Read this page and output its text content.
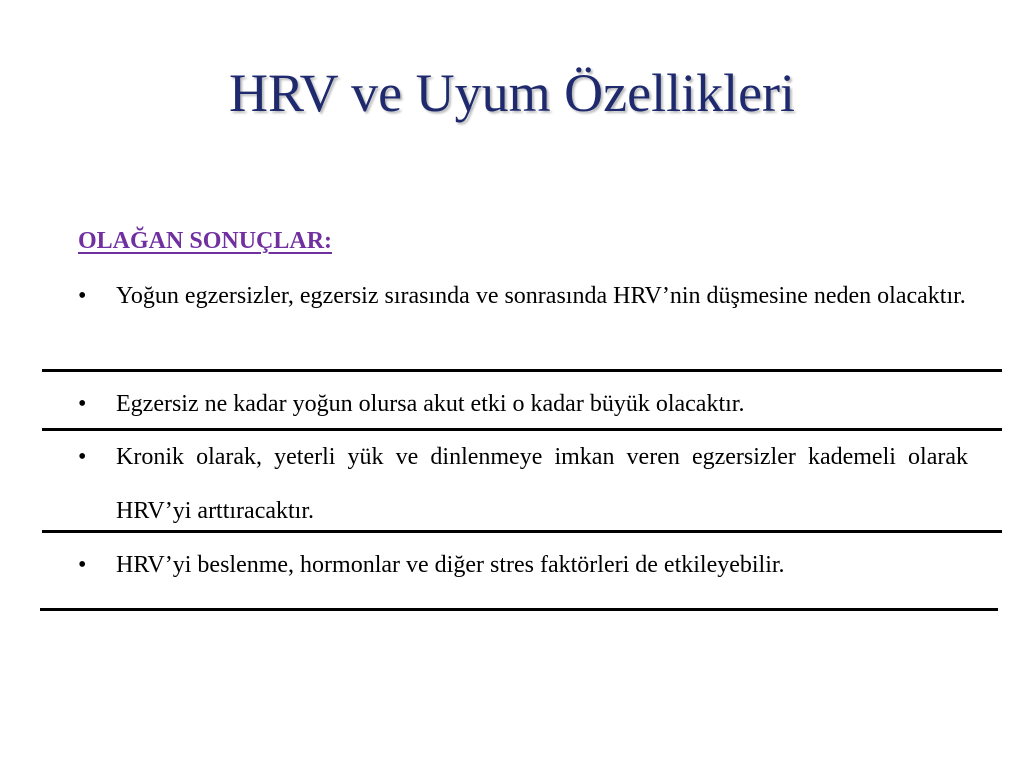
HRV ve Uyum Özellikleri
OLAĞAN SONUÇLAR:
•	Yoğun egzersizler, egzersiz sırasında ve sonrasında HRV’nin düşmesine neden olacaktır.
•	Egzersiz ne kadar yoğun olursa akut etki o kadar büyük olacaktır.
•	Kronik olarak, yeterli yük ve dinlenmeye imkan veren egzersizler kademeli olarak HRV’yi arttıracaktır.
•	HRV’yi beslenme, hormonlar ve diğer stres faktörleri de etkileyebilir.
